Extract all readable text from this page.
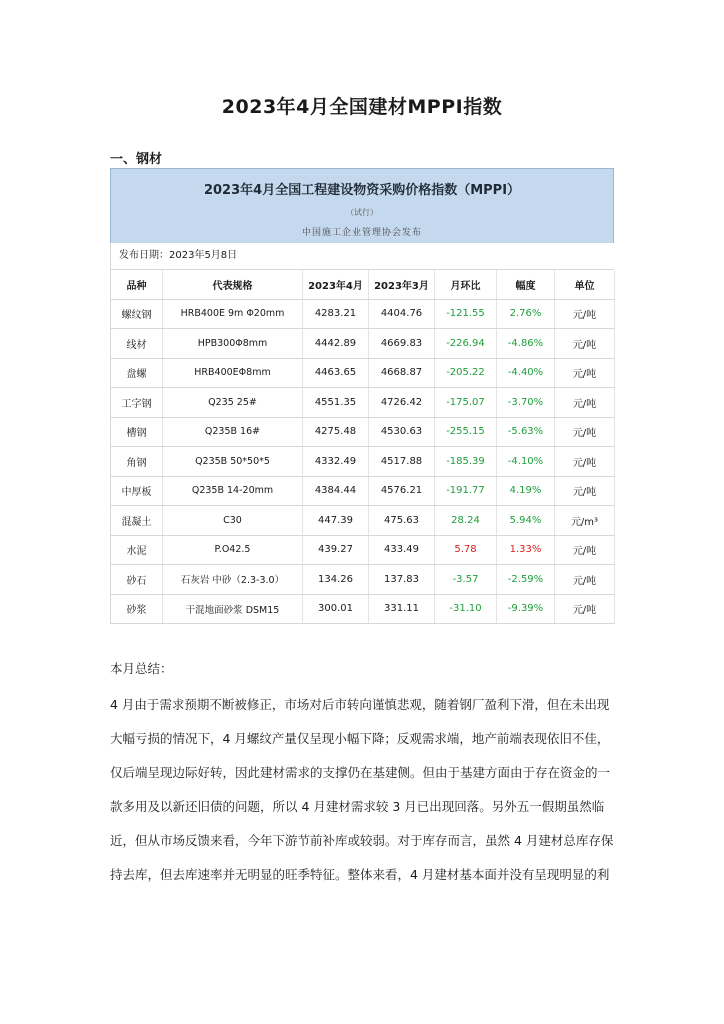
2023年4月全国建材MPPI指数
一、钢材
2023年4月全国工程建设物资采购价格指数（MPPI）
（试行）
中国施工企业管理协会发布
发布日期：2023年5月8日
品种	代表规格	2023年4月	2023年3月	月环比	幅度	单位
螺纹钢	HRB400E 9m Φ20mm	4283.21	4404.76	-121.55	2.76%	元/吨
线材	HPB300Φ8mm	4442.89	4669.83	-226.94	-4.86%	元/吨
盘螺	HRB400EΦ8mm	4463.65	4668.87	-205.22	-4.40%	元/吨
工字钢	Q235 25#	4551.35	4726.42	-175.07	-3.70%	元/吨
槽钢	Q235B 16#	4275.48	4530.63	-255.15	-5.63%	元/吨
角钢	Q235B 50*50*5	4332.49	4517.88	-185.39	-4.10%	元/吨
中厚板	Q235B 14-20mm	4384.44	4576.21	-191.77	4.19%	元/吨
混凝土	C30	447.39	475.63	28.24	5.94%	元/m³
水泥	P.O42.5	439.27	433.49	5.78	1.33%	元/吨
砂石	石灰岩 中砂（2.3-3.0）	134.26	137.83	-3.57	-2.59%	元/吨
砂浆	干混地面砂浆 DSM15	300.01	331.11	-31.10	-9.39%	元/吨
本月总结：
4 月由于需求预期不断被修正，市场对后市转向谨慎悲观，随着钢厂盈利下滑，但在未出现
大幅亏损的情况下，4 月螺纹产量仅呈现小幅下降；反观需求端，地产前端表现依旧不佳，
仅后端呈现边际好转，因此建材需求的支撑仍在基建侧。但由于基建方面由于存在资金的一
款多用及以新还旧债的问题，所以 4 月建材需求较 3 月已出现回落。另外五一假期虽然临
近，但从市场反馈来看，今年下游节前补库或较弱。对于库存而言，虽然 4 月建材总库存保
持去库，但去库速率并无明显的旺季特征。整体来看，4 月建材基本面并没有呈现明显的利
